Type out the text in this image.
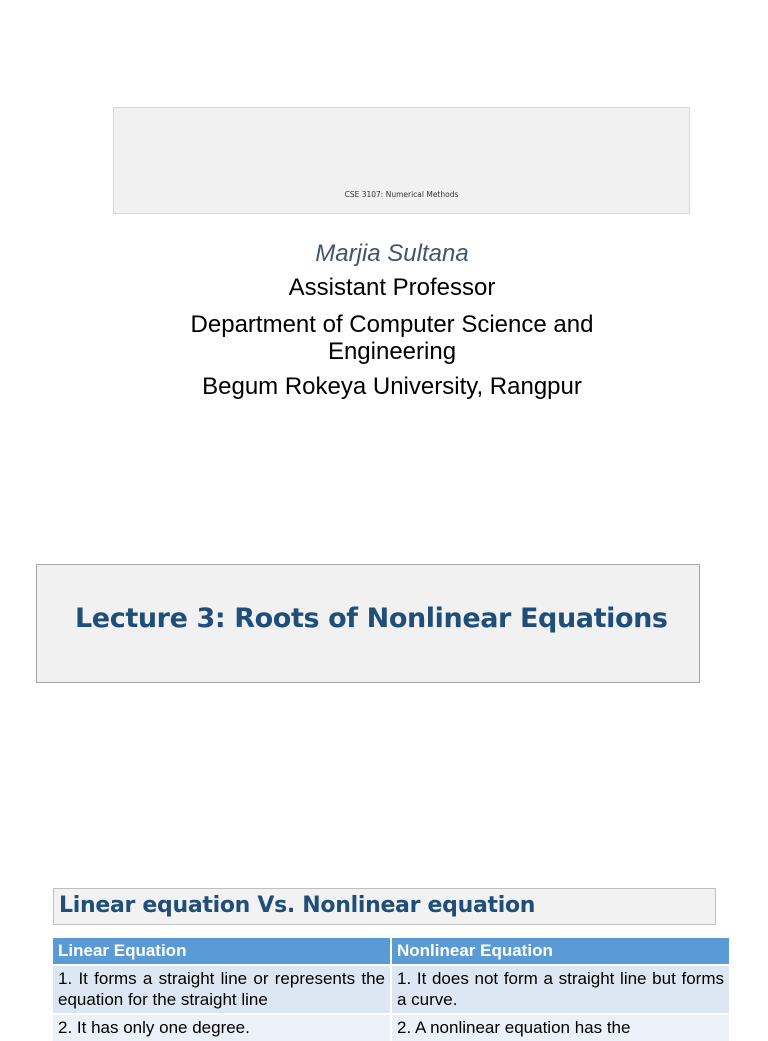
CSE 3107: Numerical Methods
Marjia Sultana
Assistant Professor
Department of Computer Science and Engineering
Begum Rokeya University, Rangpur
Lecture 3: Roots of Nonlinear Equations
Linear equation Vs. Nonlinear equation
Linear Equation	Nonlinear Equation
1. It forms a straight line or represents the equation for the straight line	1. It does not form a straight line but forms a curve.
2. It has only one degree.	2. A nonlinear equation has the
